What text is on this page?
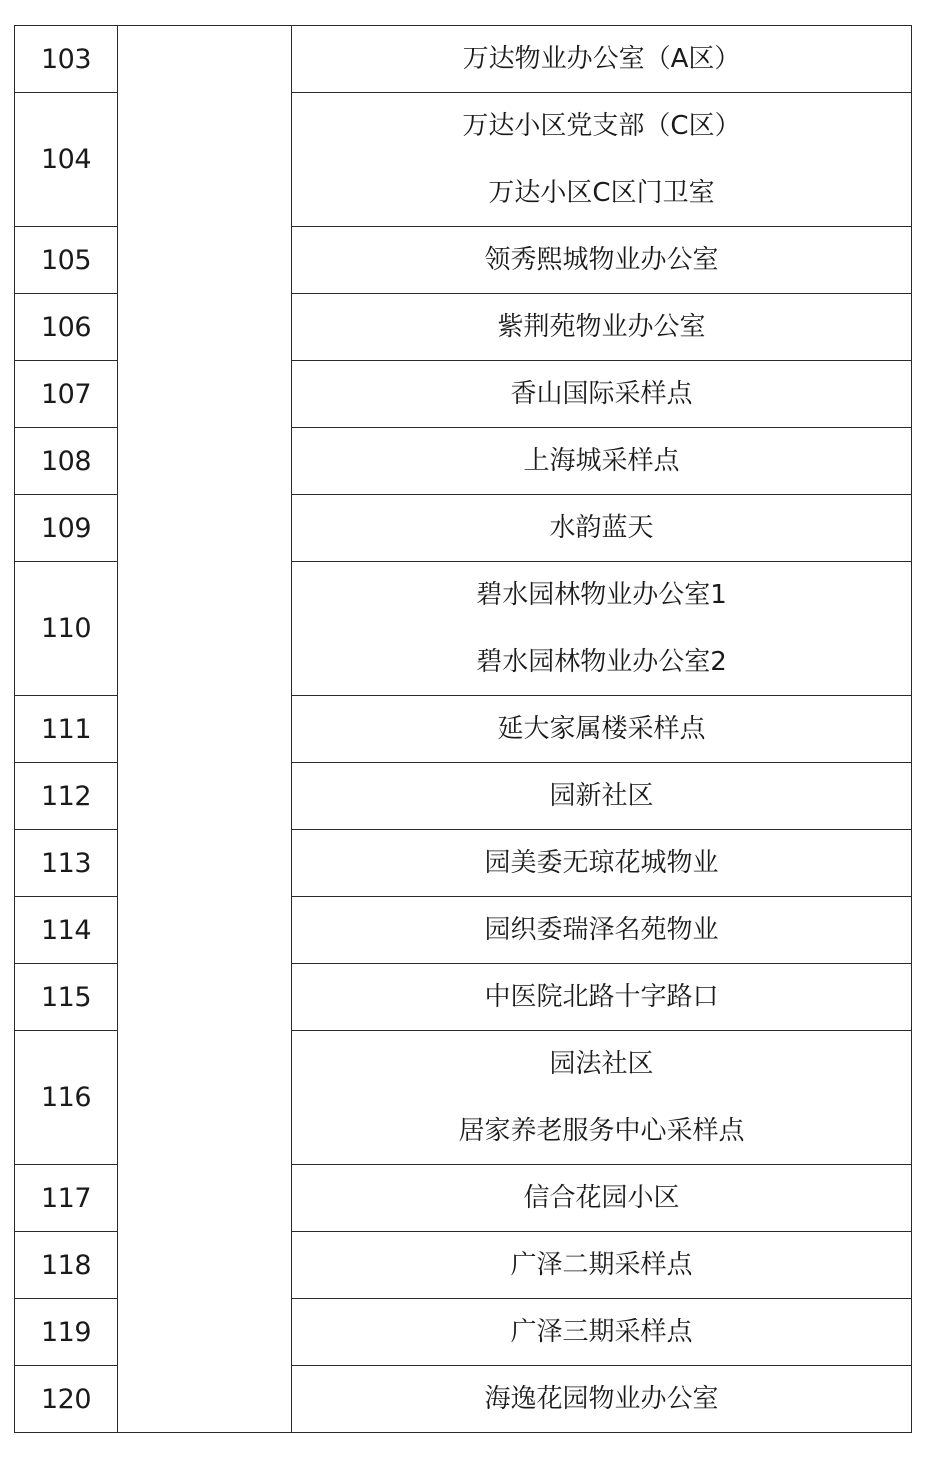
103		万达物业办公室（A区）

104		万达小区党支部（C区）
万达小区C区门卫室

105		领秀熙城物业办公室

106		紫荆苑物业办公室

107		香山国际采样点

108		上海城采样点

109		水韵蓝天

110		碧水园林物业办公室1
碧水园林物业办公室2

111		延大家属楼采样点

112		园新社区

113		园美委无琼花城物业

114		园织委瑞泽名苑物业

115		中医院北路十字路口

116		园法社区
居家养老服务中心采样点

117		信合花园小区

118		广泽二期采样点

119		广泽三期采样点

120		海逸花园物业办公室
